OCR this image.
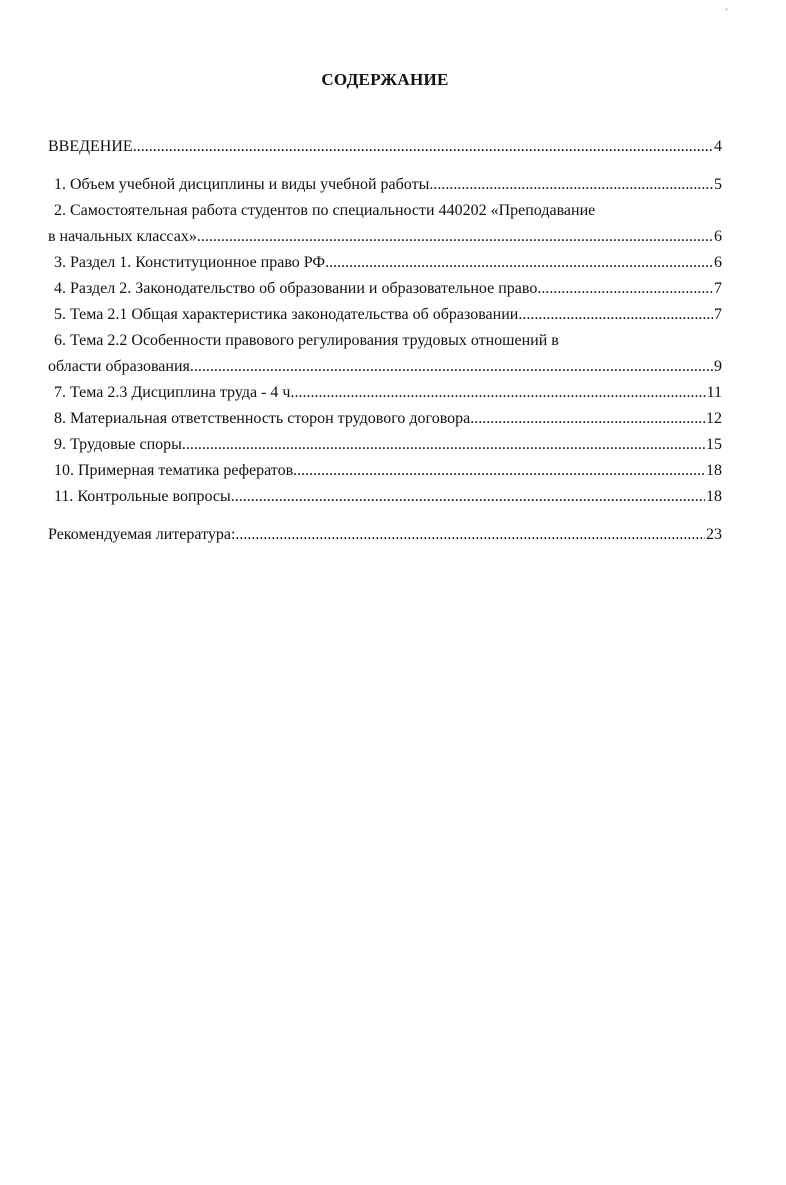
СОДЕРЖАНИЕ
ВВЕДЕНИЕ .....	4
1. Объем учебной дисциплины и виды учебной работы .....	5
2. Самостоятельная работа студентов по специальности 440202 «Преподавание
в начальных классах» .....	6
3. Раздел 1. Конституционное право РФ .....	6
4. Раздел 2. Законодательство об образовании и образовательное право .....	7
5. Тема 2.1 Общая характеристика законодательства об образовании .....	7
6. Тема 2.2 Особенности правового регулирования трудовых отношений в
области образования .....	9
7. Тема 2.3 Дисциплина труда - 4 ч. .....	11
8. Материальная ответственность сторон трудового договора .....	12
9. Трудовые споры .....	15
10. Примерная тематика рефератов .....	18
11. Контрольные вопросы .....	18
Рекомендуемая литература: .....	23
